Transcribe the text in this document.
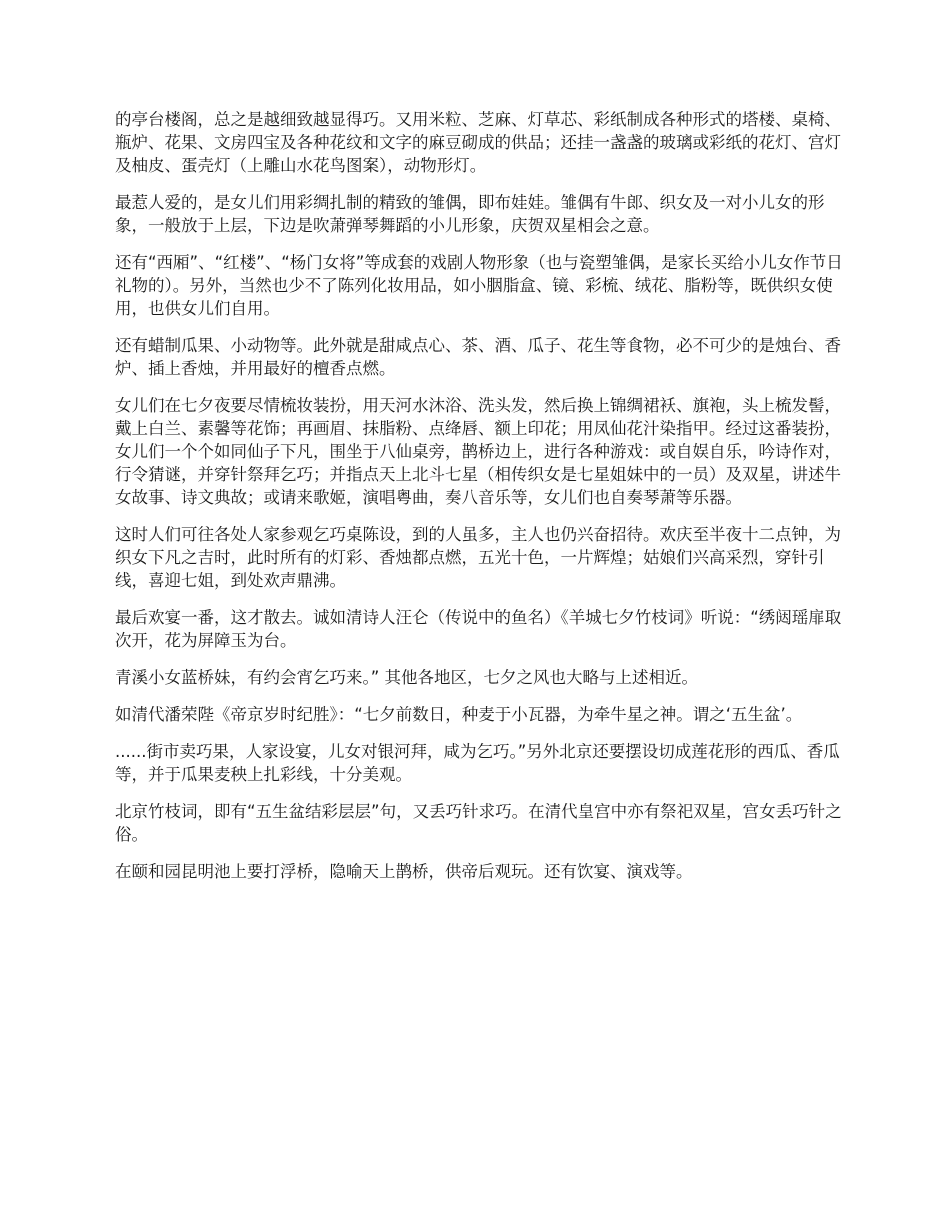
的亭台楼阁，总之是越细致越显得巧。又用米粒、芝麻、灯草芯、彩纸制成各种形式的塔楼、桌椅、瓶炉、花果、文房四宝及各种花纹和文字的麻豆砌成的供品；还挂一盏盏的玻璃或彩纸的花灯、宫灯及柚皮、蛋壳灯（上雕山水花鸟图案），动物形灯。

最惹人爱的，是女儿们用彩绸扎制的精致的雏偶，即布娃娃。雏偶有牛郎、织女及一对小儿女的形象，一般放于上层，下边是吹萧弹琴舞蹈的小儿形象，庆贺双星相会之意。

还有“西厢”、“红楼”、“杨门女将”等成套的戏剧人物形象（也与瓷塑雏偶，是家长买给小儿女作节日礼物的）。另外，当然也少不了陈列化妆用品，如小胭脂盒、镜、彩梳、绒花、脂粉等，既供织女使用，也供女儿们自用。

还有蜡制瓜果、小动物等。此外就是甜咸点心、茶、酒、瓜子、花生等食物，必不可少的是烛台、香炉、插上香烛，并用最好的檀香点燃。

女儿们在七夕夜要尽情梳妆装扮，用天河水沐浴、洗头发，然后换上锦绸裙袄、旗袍，头上梳发髻，戴上白兰、素馨等花饰；再画眉、抹脂粉、点绛唇、额上印花；用凤仙花汁染指甲。经过这番装扮，女儿们一个个如同仙子下凡，围坐于八仙桌旁，鹊桥边上，进行各种游戏：或自娱自乐，吟诗作对，行令猜谜，并穿针祭拜乞巧；并指点天上北斗七星（相传织女是七星姐妹中的一员）及双星，讲述牛女故事、诗文典故；或请来歌姬，演唱粤曲，奏八音乐等，女儿们也自奏琴萧等乐器。

这时人们可往各处人家参观乞巧桌陈设，到的人虽多，主人也仍兴奋招待。欢庆至半夜十二点钟，为织女下凡之吉时，此时所有的灯彩、香烛都点燃，五光十色，一片辉煌；姑娘们兴高采烈，穿针引线，喜迎七姐，到处欢声鼎沸。

最后欢宴一番，这才散去。诚如清诗人汪仑（传说中的鱼名）《羊城七夕竹枝词》听说：“绣闼瑶扉取次开，花为屏障玉为台。

青溪小女蓝桥妹，有约会宵乞巧来。” 其他各地区，七夕之风也大略与上述相近。

如清代潘荣陛《帝京岁时纪胜》：“七夕前数日，种麦于小瓦器，为牵牛星之神。谓之‘五生盆’。

......街市卖巧果，人家设宴，儿女对银河拜，咸为乞巧。”另外北京还要摆设切成莲花形的西瓜、香瓜等，并于瓜果麦秧上扎彩线，十分美观。

北京竹枝词，即有“五生盆结彩层层”句，又丢巧针求巧。在清代皇宫中亦有祭祀双星，宫女丢巧针之俗。

在颐和园昆明池上要打浮桥，隐喻天上鹊桥，供帝后观玩。还有饮宴、演戏等。
